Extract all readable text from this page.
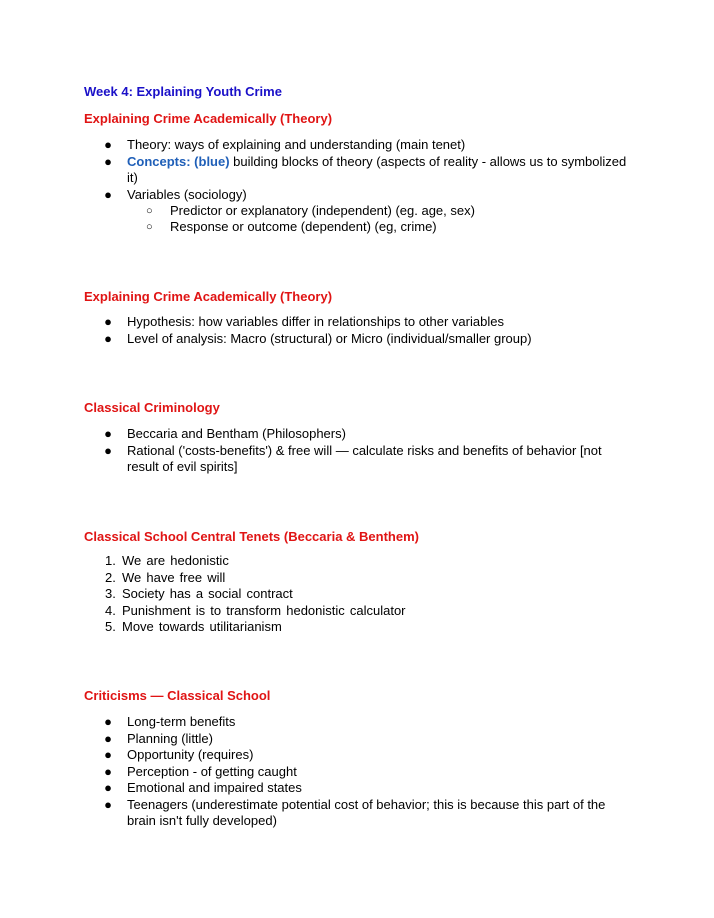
Week 4: Explaining Youth Crime
Explaining Crime Academically (Theory)
● Theory: ways of explaining and understanding (main tenet)
● Concepts: (blue) building blocks of theory (aspects of reality - allows us to symbolized it)
● Variables (sociology)
○ Predictor or explanatory (independent) (eg. age, sex)
○ Response or outcome (dependent) (eg, crime)
Explaining Crime Academically (Theory)
● Hypothesis: how variables differ in relationships to other variables
● Level of analysis: Macro (structural) or Micro (individual/smaller group)
Classical Criminology
● Beccaria and Bentham (Philosophers)
● Rational ('costs-benefits') & free will — calculate risks and benefits of behavior [not result of evil spirits]
Classical School Central Tenets (Beccaria & Benthem)
1. We are hedonistic
2. We have free will
3. Society has a social contract
4. Punishment is to transform hedonistic calculator
5. Move towards utilitarianism
Criticisms — Classical School
● Long-term benefits
● Planning (little)
● Opportunity (requires)
● Perception - of getting caught
● Emotional and impaired states
● Teenagers (underestimate potential cost of behavior; this is because this part of the brain isn't fully developed)
